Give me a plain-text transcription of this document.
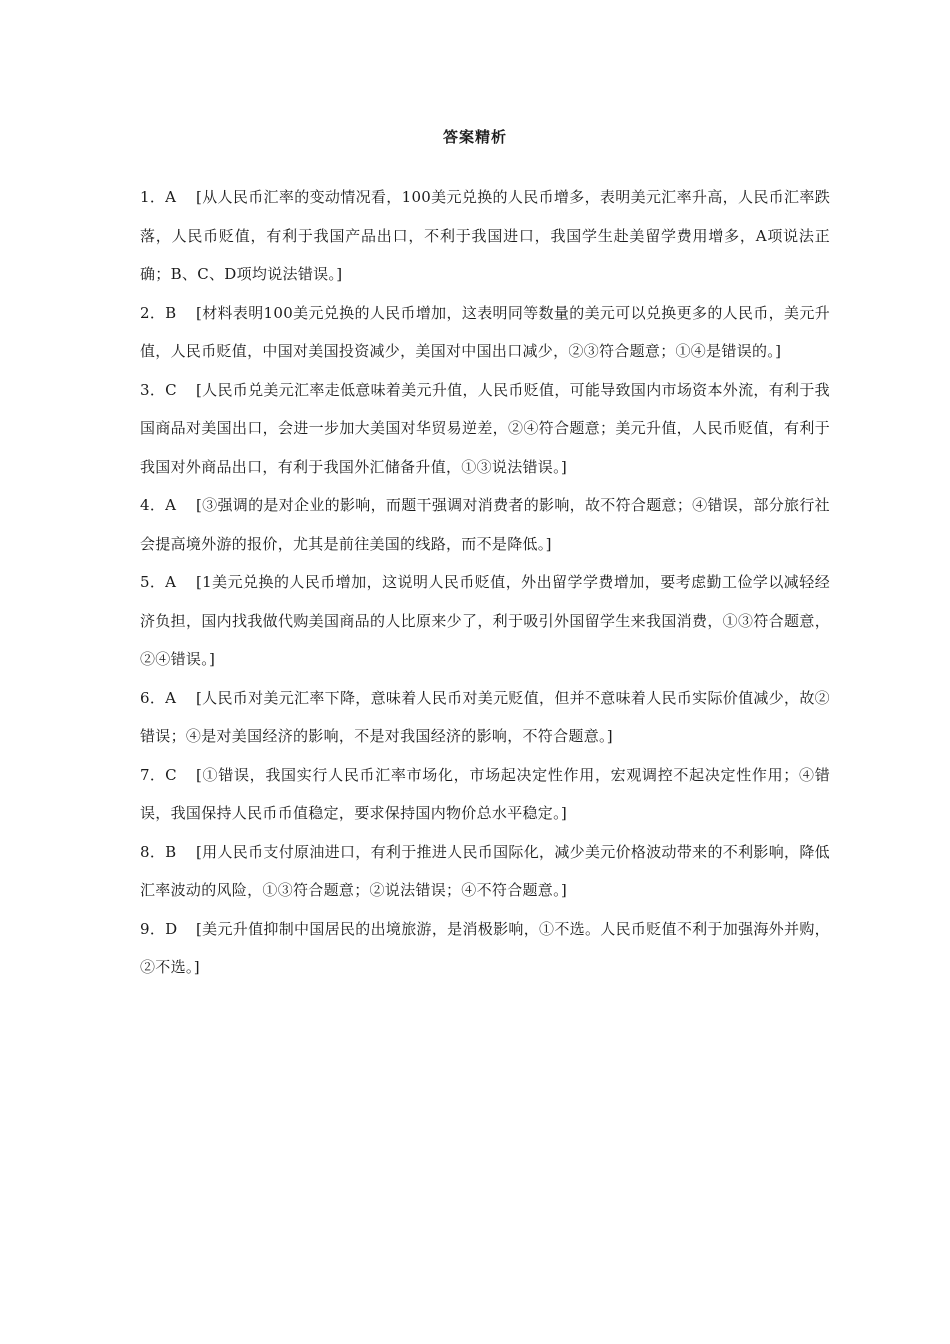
答案精析

1．A [从人民币汇率的变动情况看，100美元兑换的人民币增多，表明美元汇率升高，人民币汇率跌落，人民币贬值，有利于我国产品出口，不利于我国进口，我国学生赴美留学费用增多，A项说法正确；B、C、D项均说法错误。]

2．B [材料表明100美元兑换的人民币增加，这表明同等数量的美元可以兑换更多的人民币，美元升值，人民币贬值，中国对美国投资减少，美国对中国出口减少，②③符合题意；①④是错误的。]

3．C [人民币兑美元汇率走低意味着美元升值，人民币贬值，可能导致国内市场资本外流，有利于我国商品对美国出口，会进一步加大美国对华贸易逆差，②④符合题意；美元升值，人民币贬值，有利于我国对外商品出口，有利于我国外汇储备升值，①③说法错误。]

4．A [③强调的是对企业的影响，而题干强调对消费者的影响，故不符合题意；④错误，部分旅行社会提高境外游的报价，尤其是前往美国的线路，而不是降低。]

5．A [1美元兑换的人民币增加，这说明人民币贬值，外出留学学费增加，要考虑勤工俭学以减轻经济负担，国内找我做代购美国商品的人比原来少了，利于吸引外国留学生来我国消费，①③符合题意，②④错误。]

6．A [人民币对美元汇率下降，意味着人民币对美元贬值，但并不意味着人民币实际价值减少，故②错误；④是对美国经济的影响，不是对我国经济的影响，不符合题意。]

7．C [①错误，我国实行人民币汇率市场化，市场起决定性作用，宏观调控不起决定性作用；④错误，我国保持人民币币值稳定，要求保持国内物价总水平稳定。]

8．B [用人民币支付原油进口，有利于推进人民币国际化，减少美元价格波动带来的不利影响，降低汇率波动的风险，①③符合题意；②说法错误；④不符合题意。]

9．D [美元升值抑制中国居民的出境旅游，是消极影响，①不选。人民币贬值不利于加强海外并购，②不选。]
